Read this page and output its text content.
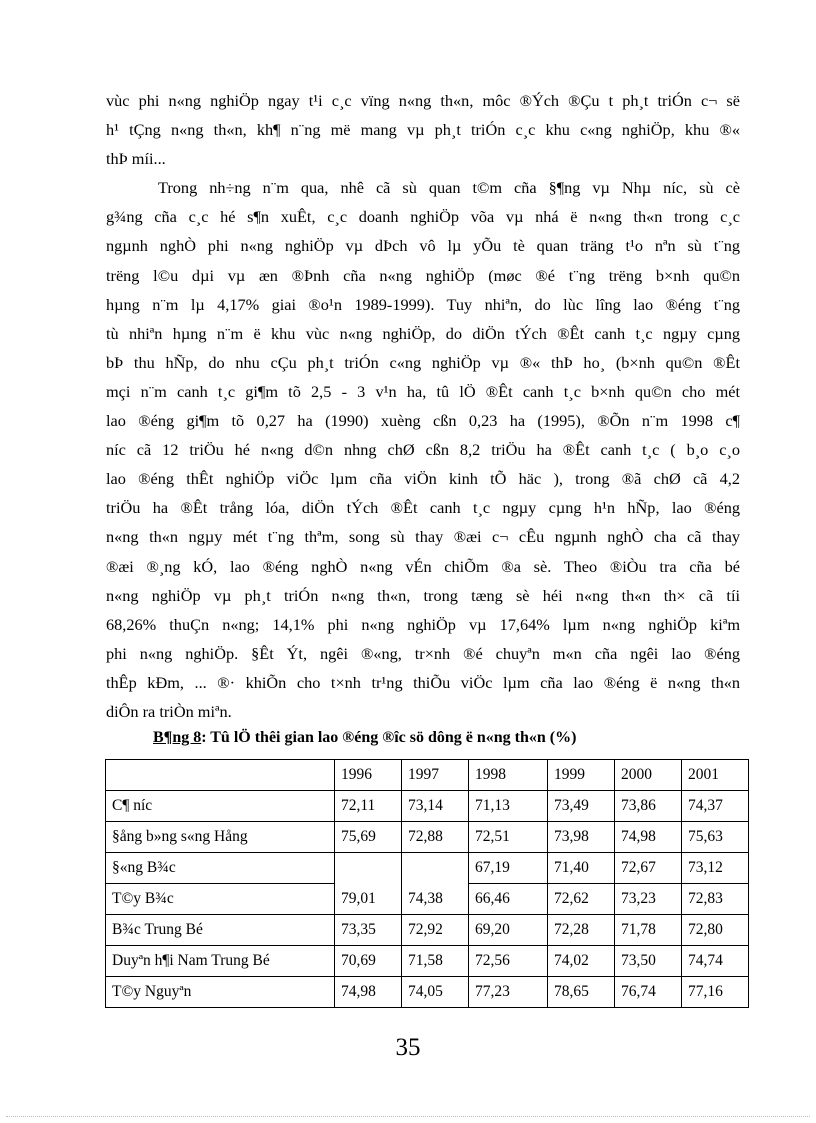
vùc phi n«ng nghiÖp ngay t¹i c¸c vïng n«ng th«n, môc ®Ých ®Çu t ph¸t triÓn c¬ së
h¹ tÇng n«ng th«n, kh¶ n¨ng më mang vµ ph¸t triÓn c¸c khu c«ng nghiÖp, khu ®«
thÞ míi...
Trong nh÷ng n¨m qua, nhê cã sù quan t©m cña §¶ng vµ Nhµ níc, sù cè
g¾ng cña c¸c hé s¶n xuÊt, c¸c doanh nghiÖp võa vµ nhá ë n«ng th«n trong c¸c
ngµnh nghÒ phi n«ng nghiÖp vµ dÞch vô lµ yÕu tè quan träng t¹o nªn sù t¨ng
trëng l©u dµi vµ æn ®Þnh cña n«ng nghiÖp (møc ®é t¨ng trëng b×nh qu©n
hµng n¨m lµ 4,17% giai ®o¹n 1989-1999). Tuy nhiªn, do lùc lîng lao ®éng t¨ng
tù nhiªn hµng n¨m ë khu vùc n«ng nghiÖp, do diÖn tÝch ®Êt canh t¸c ngµy cµng
bÞ thu hÑp, do nhu cÇu ph¸t triÓn c«ng nghiÖp vµ ®« thÞ ho¸ (b×nh qu©n ®Êt
mçi n¨m canh t¸c gi¶m tõ 2,5 - 3 v¹n ha, tû lÖ ®Êt canh t¸c b×nh qu©n cho mét
lao ®éng gi¶m tõ 0,27 ha (1990) xuèng cßn 0,23 ha (1995), ®Õn n¨m 1998 c¶
níc cã 12 triÖu hé n«ng d©n nhng chØ cßn 8,2 triÖu ha ®Êt canh t¸c ( b¸o c¸o
lao ®éng thÊt nghiÖp viÖc lµm cña viÖn kinh tÕ häc ), trong ®ã chØ cã 4,2
triÖu ha ®Êt trång lóa, diÖn tÝch ®Êt canh t¸c ngµy cµng h¹n hÑp, lao ®éng
n«ng th«n ngµy mét t¨ng thªm, song sù thay ®æi c¬ cÊu ngµnh nghÒ cha cã thay
®æi ®¸ng kÓ, lao ®éng nghÒ n«ng vÉn chiÕm ®a sè. Theo ®iÒu tra cña bé
n«ng nghiÖp vµ ph¸t triÓn n«ng th«n, trong tæng sè héi n«ng th«n th× cã tíi
68,26% thuÇn n«ng; 14,1% phi n«ng nghiÖp vµ 17,64% lµm n«ng nghiÖp kiªm
phi n«ng nghiÖp. §Êt Ýt, ngêi ®«ng, tr×nh ®é chuyªn m«n cña ngêi lao ®éng
thÊp kÐm, ... ®· khiÕn cho t×nh tr¹ng thiÕu viÖc lµm cña lao ®éng ë n«ng th«n
diÔn ra triÒn miªn.
B¶ng 8: Tû lÖ thêi gian lao ®éng ®îc sö dông ë n«ng th«n (%)
	1996	1997	1998	1999	2000	2001
C¶ níc	72,11	73,14	71,13	73,49	73,86	74,37
§ång b»ng s«ng Hång	75,69	72,88	72,51	73,98	74,98	75,63
§«ng B¾c	79,01	74,38	67,19	71,40	72,67	73,12
T©y B¾c			66,46	72,62	73,23	72,83
B¾c Trung Bé	73,35	72,92	69,20	72,28	71,78	72,80
Duyªn h¶i Nam Trung Bé	70,69	71,58	72,56	74,02	73,50	74,74
T©y Nguyªn	74,98	74,05	77,23	78,65	76,74	77,16
35
